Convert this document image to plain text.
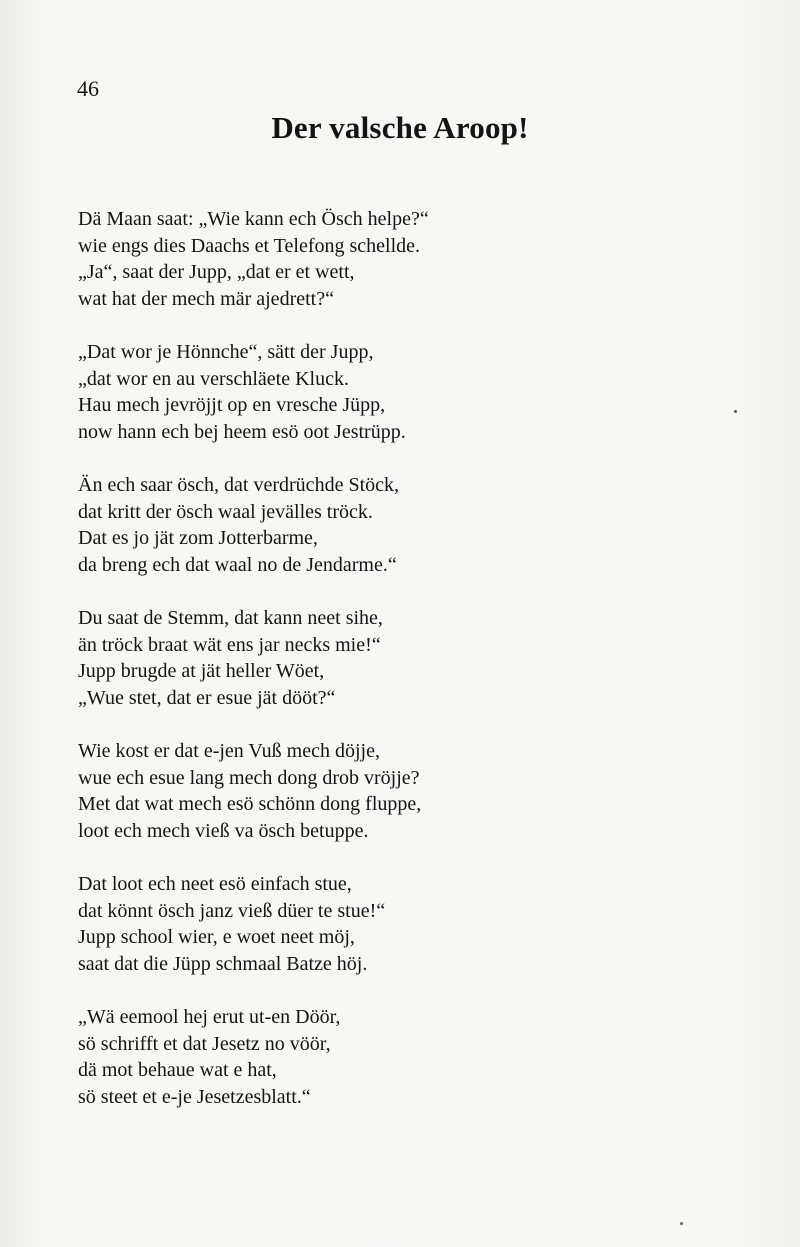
46
Der valsche Aroop!
Dä Maan saat: „Wie kann ech Ösch helpe?“
wie engs dies Daachs et Telefong schellde.
„Ja“, saat der Jupp, „dat er et wett,
wat hat der mech mär ajedrett?“
„Dat wor je Hönnche“, sätt der Jupp,
„dat wor en au verschläete Kluck.
Hau mech jevröjjt op en vresche Jüpp,
now hann ech bej heem esö oot Jestrüpp.
Än ech saar ösch, dat verdrüchde Stöck,
dat kritt der ösch waal jevälles tröck.
Dat es jo jät zom Jotterbarme,
da breng ech dat waal no de Jendarme.“
Du saat de Stemm, dat kann neet sihe,
än tröck braat wät ens jar necks mie!“
Jupp brugde at jät heller Wöet,
„Wue stet, dat er esue jät dööt?“
Wie kost er dat e-jen Vuß mech döjje,
wue ech esue lang mech dong drob vröjje?
Met dat wat mech esö schönn dong fluppe,
loot ech mech vieß va ösch betuppe.
Dat loot ech neet esö einfach stue,
dat könnt ösch janz vieß düer te stue!“
Jupp school wier, e woet neet möj,
saat dat die Jüpp schmaal Batze höj.
„Wä eemool hej erut ut-en Döör,
sö schrifft et dat Jesetz no vöör,
dä mot behaue wat e hat,
sö steet et e-je Jesetzesblatt.“
